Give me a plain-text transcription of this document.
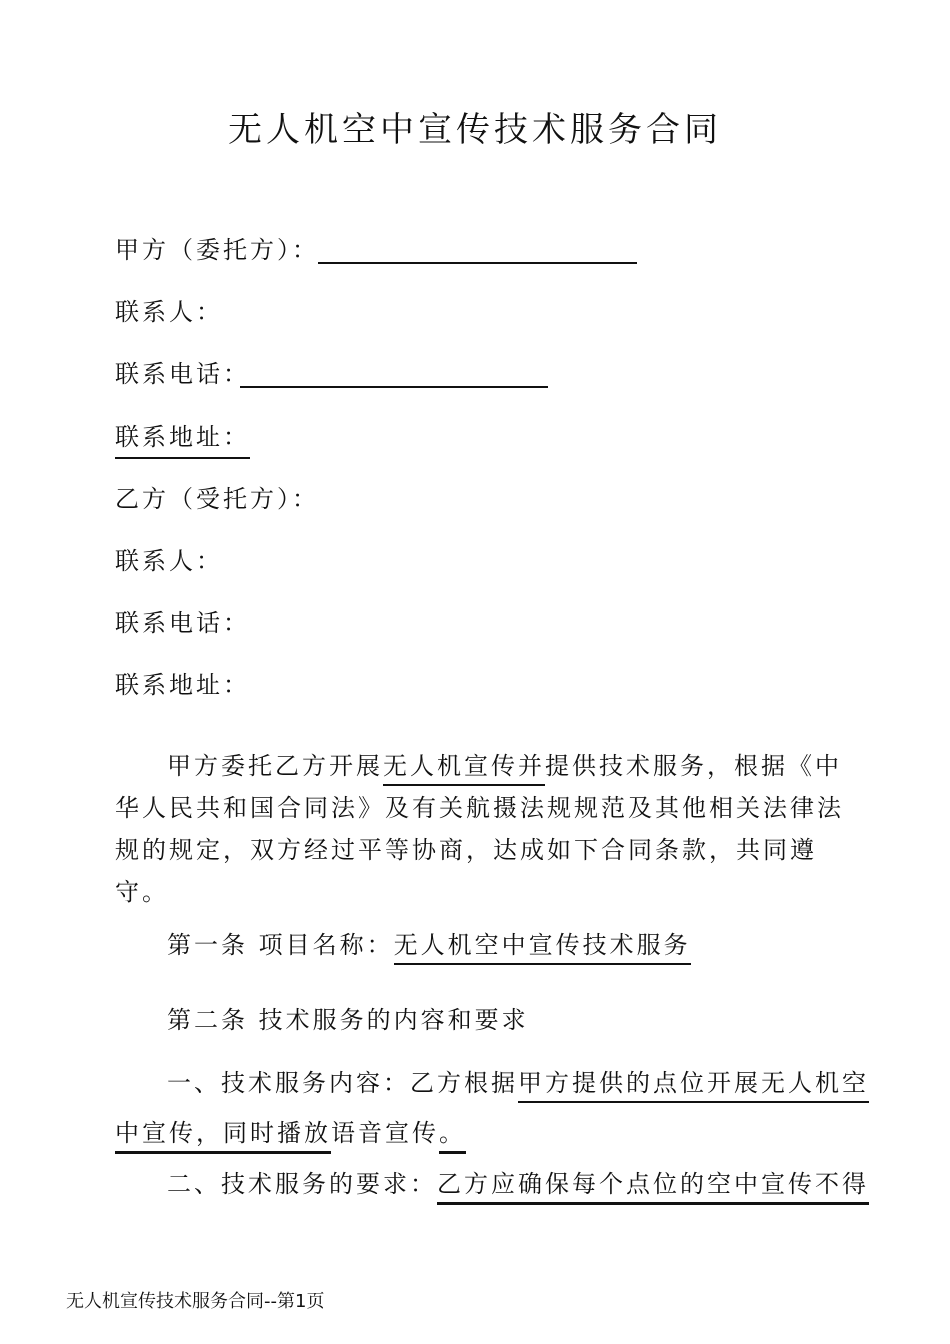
无人机空中宣传技术服务合同
甲方（委托方）：
联系人：
联系电话：
联系地址：
乙方（受托方）：
联系人：
联系电话：
联系地址：
甲方委托乙方开展无人机宣传并提供技术服务，根据《中华人民共和国合同法》及有关航摄法规规范及其他相关法律法规的规定，双方经过平等协商，达成如下合同条款，共同遵守。
第一条 项目名称：无人机空中宣传技术服务
第二条 技术服务的内容和要求
一、技术服务内容：乙方根据甲方提供的点位开展无人机空
中宣传，同时播放语音宣传。
二、技术服务的要求：乙方应确保每个点位的空中宣传不得
无人机宣传技术服务合同--第1页
